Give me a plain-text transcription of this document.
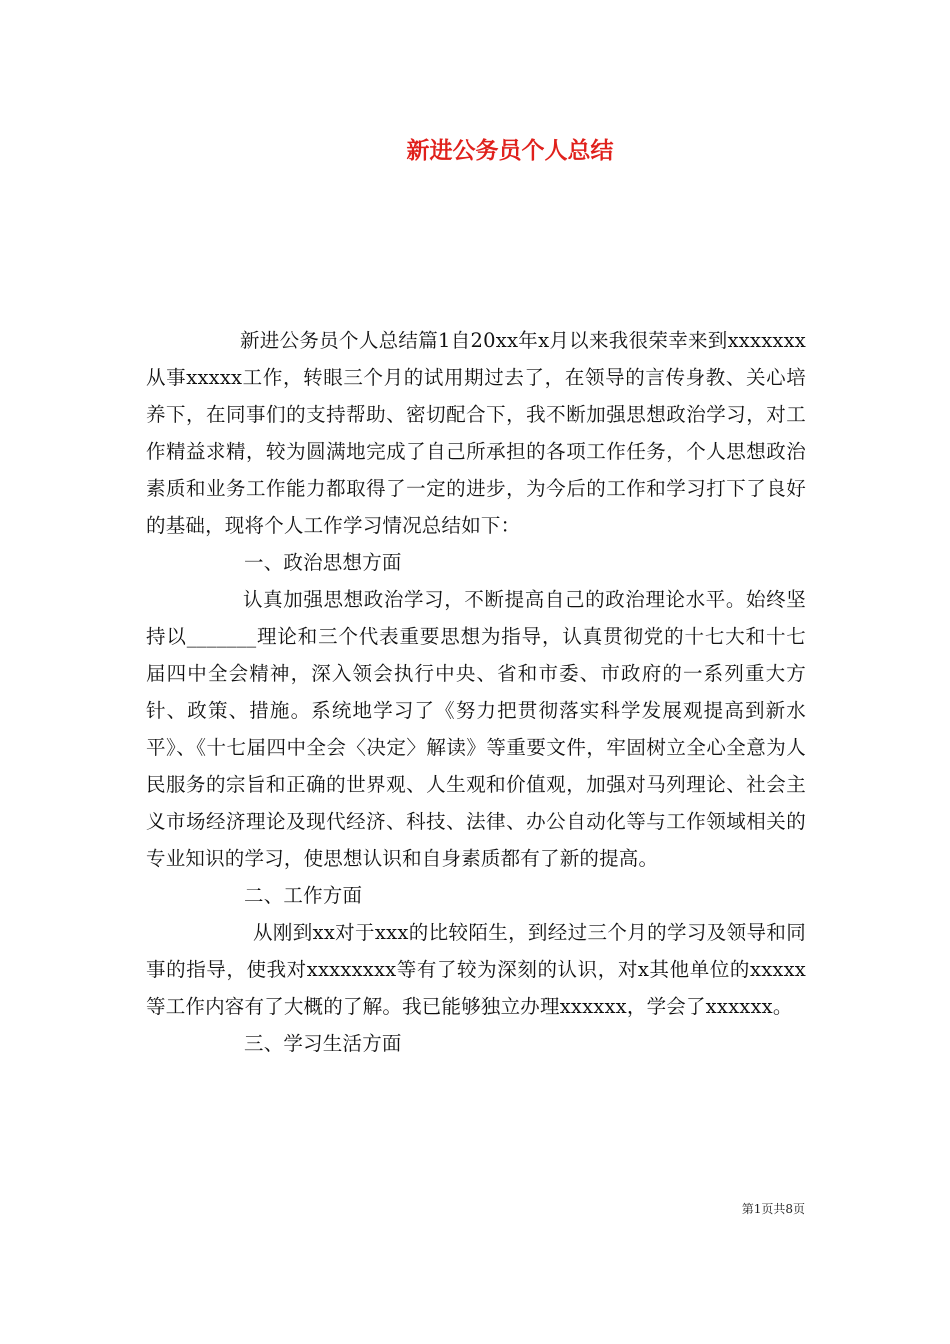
新进公务员个人总结

新进公务员个人总结篇1自20xx年x月以来我很荣幸来到xxxxxxx从事xxxxx工作，转眼三个月的试用期过去了，在领导的言传身教、关心培养下，在同事们的支持帮助、密切配合下，我不断加强思想政治学习，对工作精益求精，较为圆满地完成了自己所承担的各项工作任务，个人思想政治素质和业务工作能力都取得了一定的进步，为今后的工作和学习打下了良好的基础，现将个人工作学习情况总结如下：

一、政治思想方面

认真加强思想政治学习，不断提高自己的政治理论水平。始终坚持以_______理论和三个代表重要思想为指导，认真贯彻党的十七大和十七届四中全会精神，深入领会执行中央、省和市委、市政府的一系列重大方针、政策、措施。系统地学习了《努力把贯彻落实科学发展观提高到新水平》、《十七届四中全会〈决定〉解读》等重要文件，牢固树立全心全意为人民服务的宗旨和正确的世界观、人生观和价值观，加强对马列理论、社会主义市场经济理论及现代经济、科技、法律、办公自动化等与工作领域相关的专业知识的学习，使思想认识和自身素质都有了新的提高。

二、工作方面

从刚到xx对于xxx的比较陌生，到经过三个月的学习及领导和同事的指导，使我对xxxxxxxx等有了较为深刻的认识，对x其他单位的xxxxx等工作内容有了大概的了解。我已能够独立办理xxxxxx，学会了xxxxxx。

三、学习生活方面

第1页共8页
